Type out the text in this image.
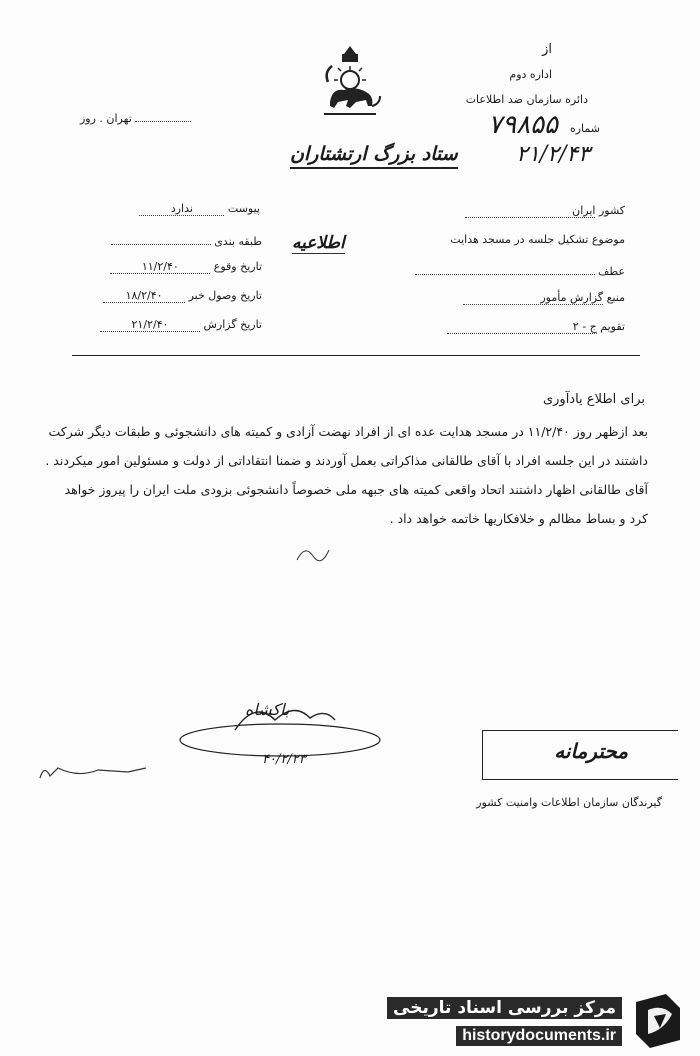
از
اداره دوم
دائره سازمان ضد اطلاعات
شماره
۷۹۸۵۵
۲۱/۲/۴۳
تهران . روز
ستاد بزرگ ارتشتاران
پیوست ندارد
طبقه بندی
تاریخ وقوع ۱۱/۲/۴۰
تاریخ وصول خبر ۱۸/۲/۴۰
تاریخ گزارش ۲۱/۲/۴۰
اطلاعیه
کشور ایران
موضوع تشکیل جلسه در مسجد هدایت
عطف
منبع گزارش مأمور
تقویم ج - ۲
برای اطلاع یادآوری
بعد ازظهر روز ۱۱/۲/۴۰ در مسجد هدایت عده ای از افراد نهضت آزادی و کمیته های دانشجوئی و طبقات دیگر شرکت
داشتند در این جلسه افراد با آقای طالقانی مذاکراتی بعمل آوردند و ضمنا انتقاداتی از دولت و مسئولین امور میکردند .
آقای طالقانی اظهار داشتند اتحاد واقعی کمیته های جبهه ملی خصوصاً دانشجوئی بزودی ملت ایران را پیروز خواهد
کرد و بساط مظالم و خلافکاریها خاتمه خواهد داد .
باکشاه
۴۰/۲/۲۳	محترمانه
گیرندگان سازمان اطلاعات وامنیت کشور
مرکز بررسی اسناد تاریخی
historydocuments.ir
